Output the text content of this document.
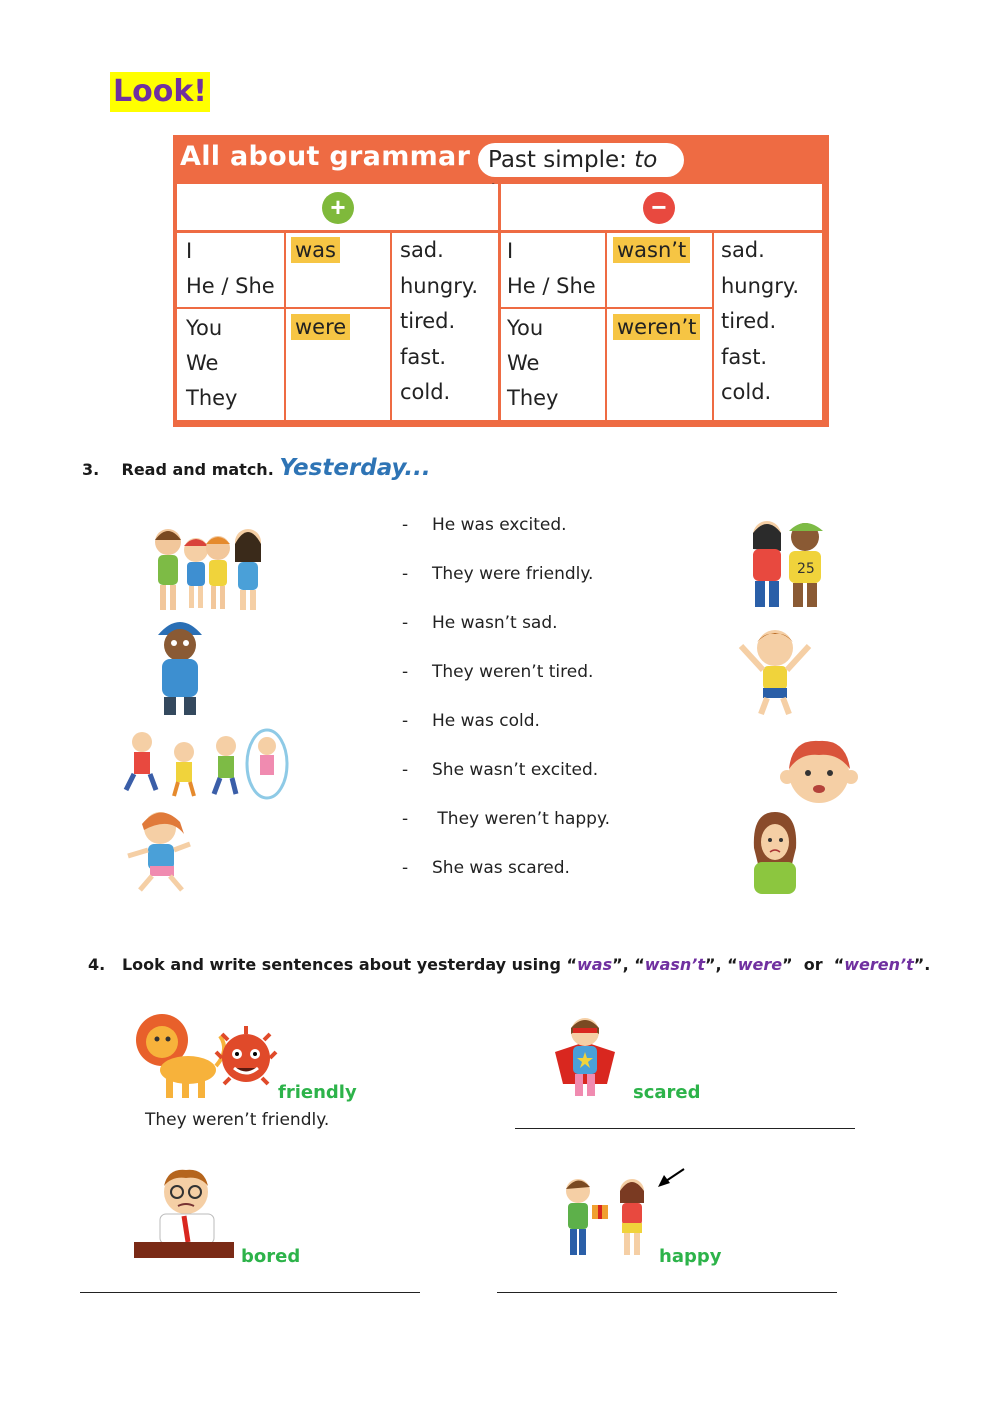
Look!
All about grammar Past simple: to
+	−
I
He / She
You
We
They
was
were
sad.
hungry.
tired.
fast.
cold.
I
He / She
You
We
They
wasn’t
weren’t
sad.
hungry.
tired.
fast.
cold.
3. Read and match. Yesterday...
- He was excited.
- They were friendly.
- He wasn’t sad.
- They weren’t tired.
- He was cold.
- She wasn’t excited.
- They weren’t happy.
- She was scared.
25
4. Look and write sentences about yesterday using “was”, “wasn’t”, “were”  or  “weren’t”.
friendly
They weren’t friendly.
scared
bored	happy
